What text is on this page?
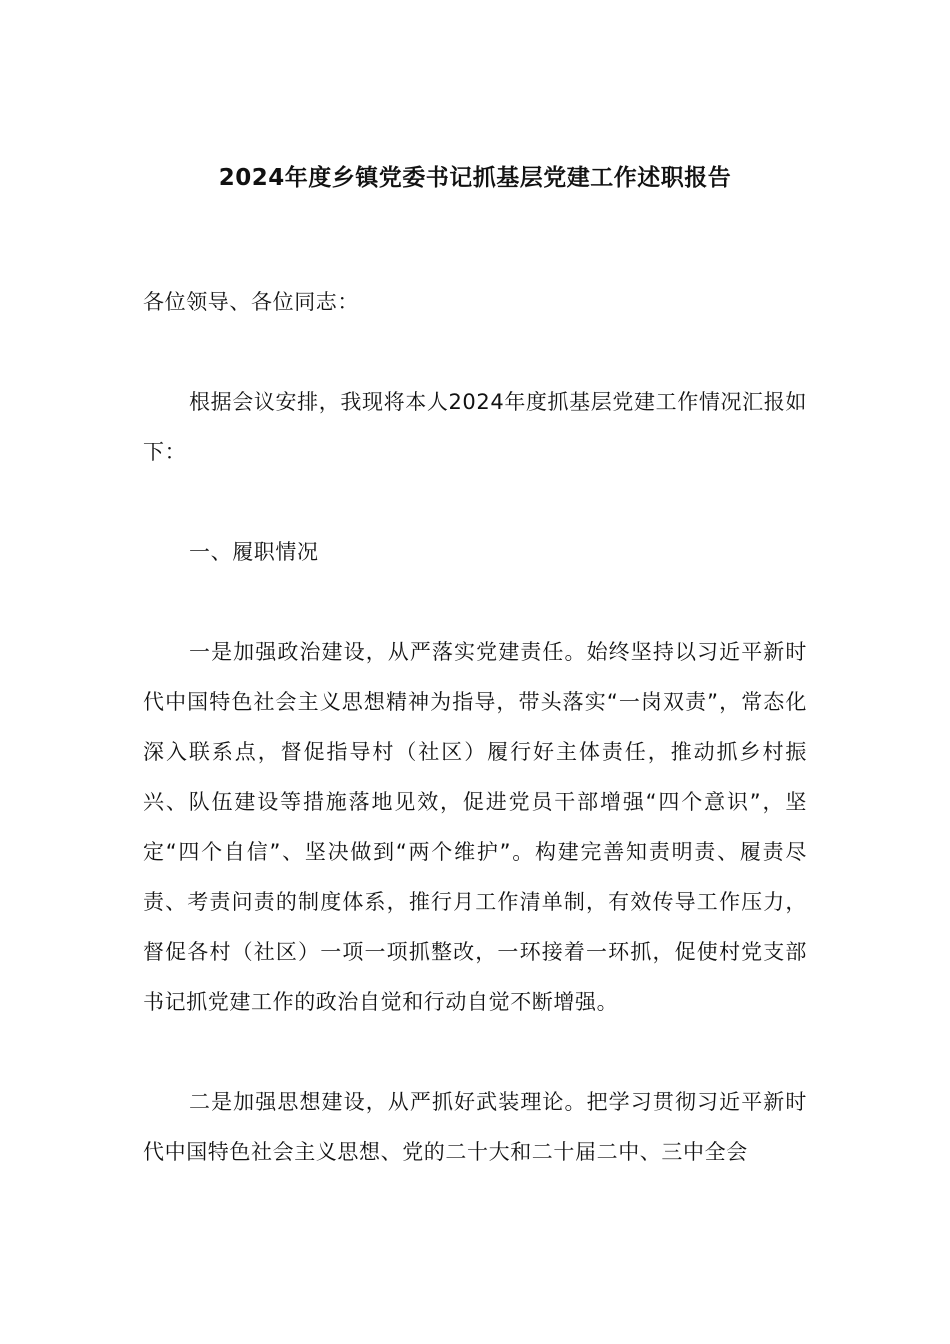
2024年度乡镇党委书记抓基层党建工作述职报告

各位领导、各位同志：

根据会议安排，我现将本人2024年度抓基层党建工作情况汇报如下：

一、履职情况

一是加强政治建设，从严落实党建责任。始终坚持以习近平新时代中国特色社会主义思想精神为指导，带头落实“一岗双责”，常态化深入联系点，督促指导村（社区）履行好主体责任，推动抓乡村振兴、队伍建设等措施落地见效，促进党员干部增强“四个意识”，坚定“四个自信”、坚决做到“两个维护”。构建完善知责明责、履责尽责、考责问责的制度体系，推行月工作清单制，有效传导工作压力，督促各村（社区）一项一项抓整改，一环接着一环抓，促使村党支部书记抓党建工作的政治自觉和行动自觉不断增强。

二是加强思想建设，从严抓好武装理论。把学习贯彻习近平新时代中国特色社会主义思想、党的二十大和二十届二中、三中全会
